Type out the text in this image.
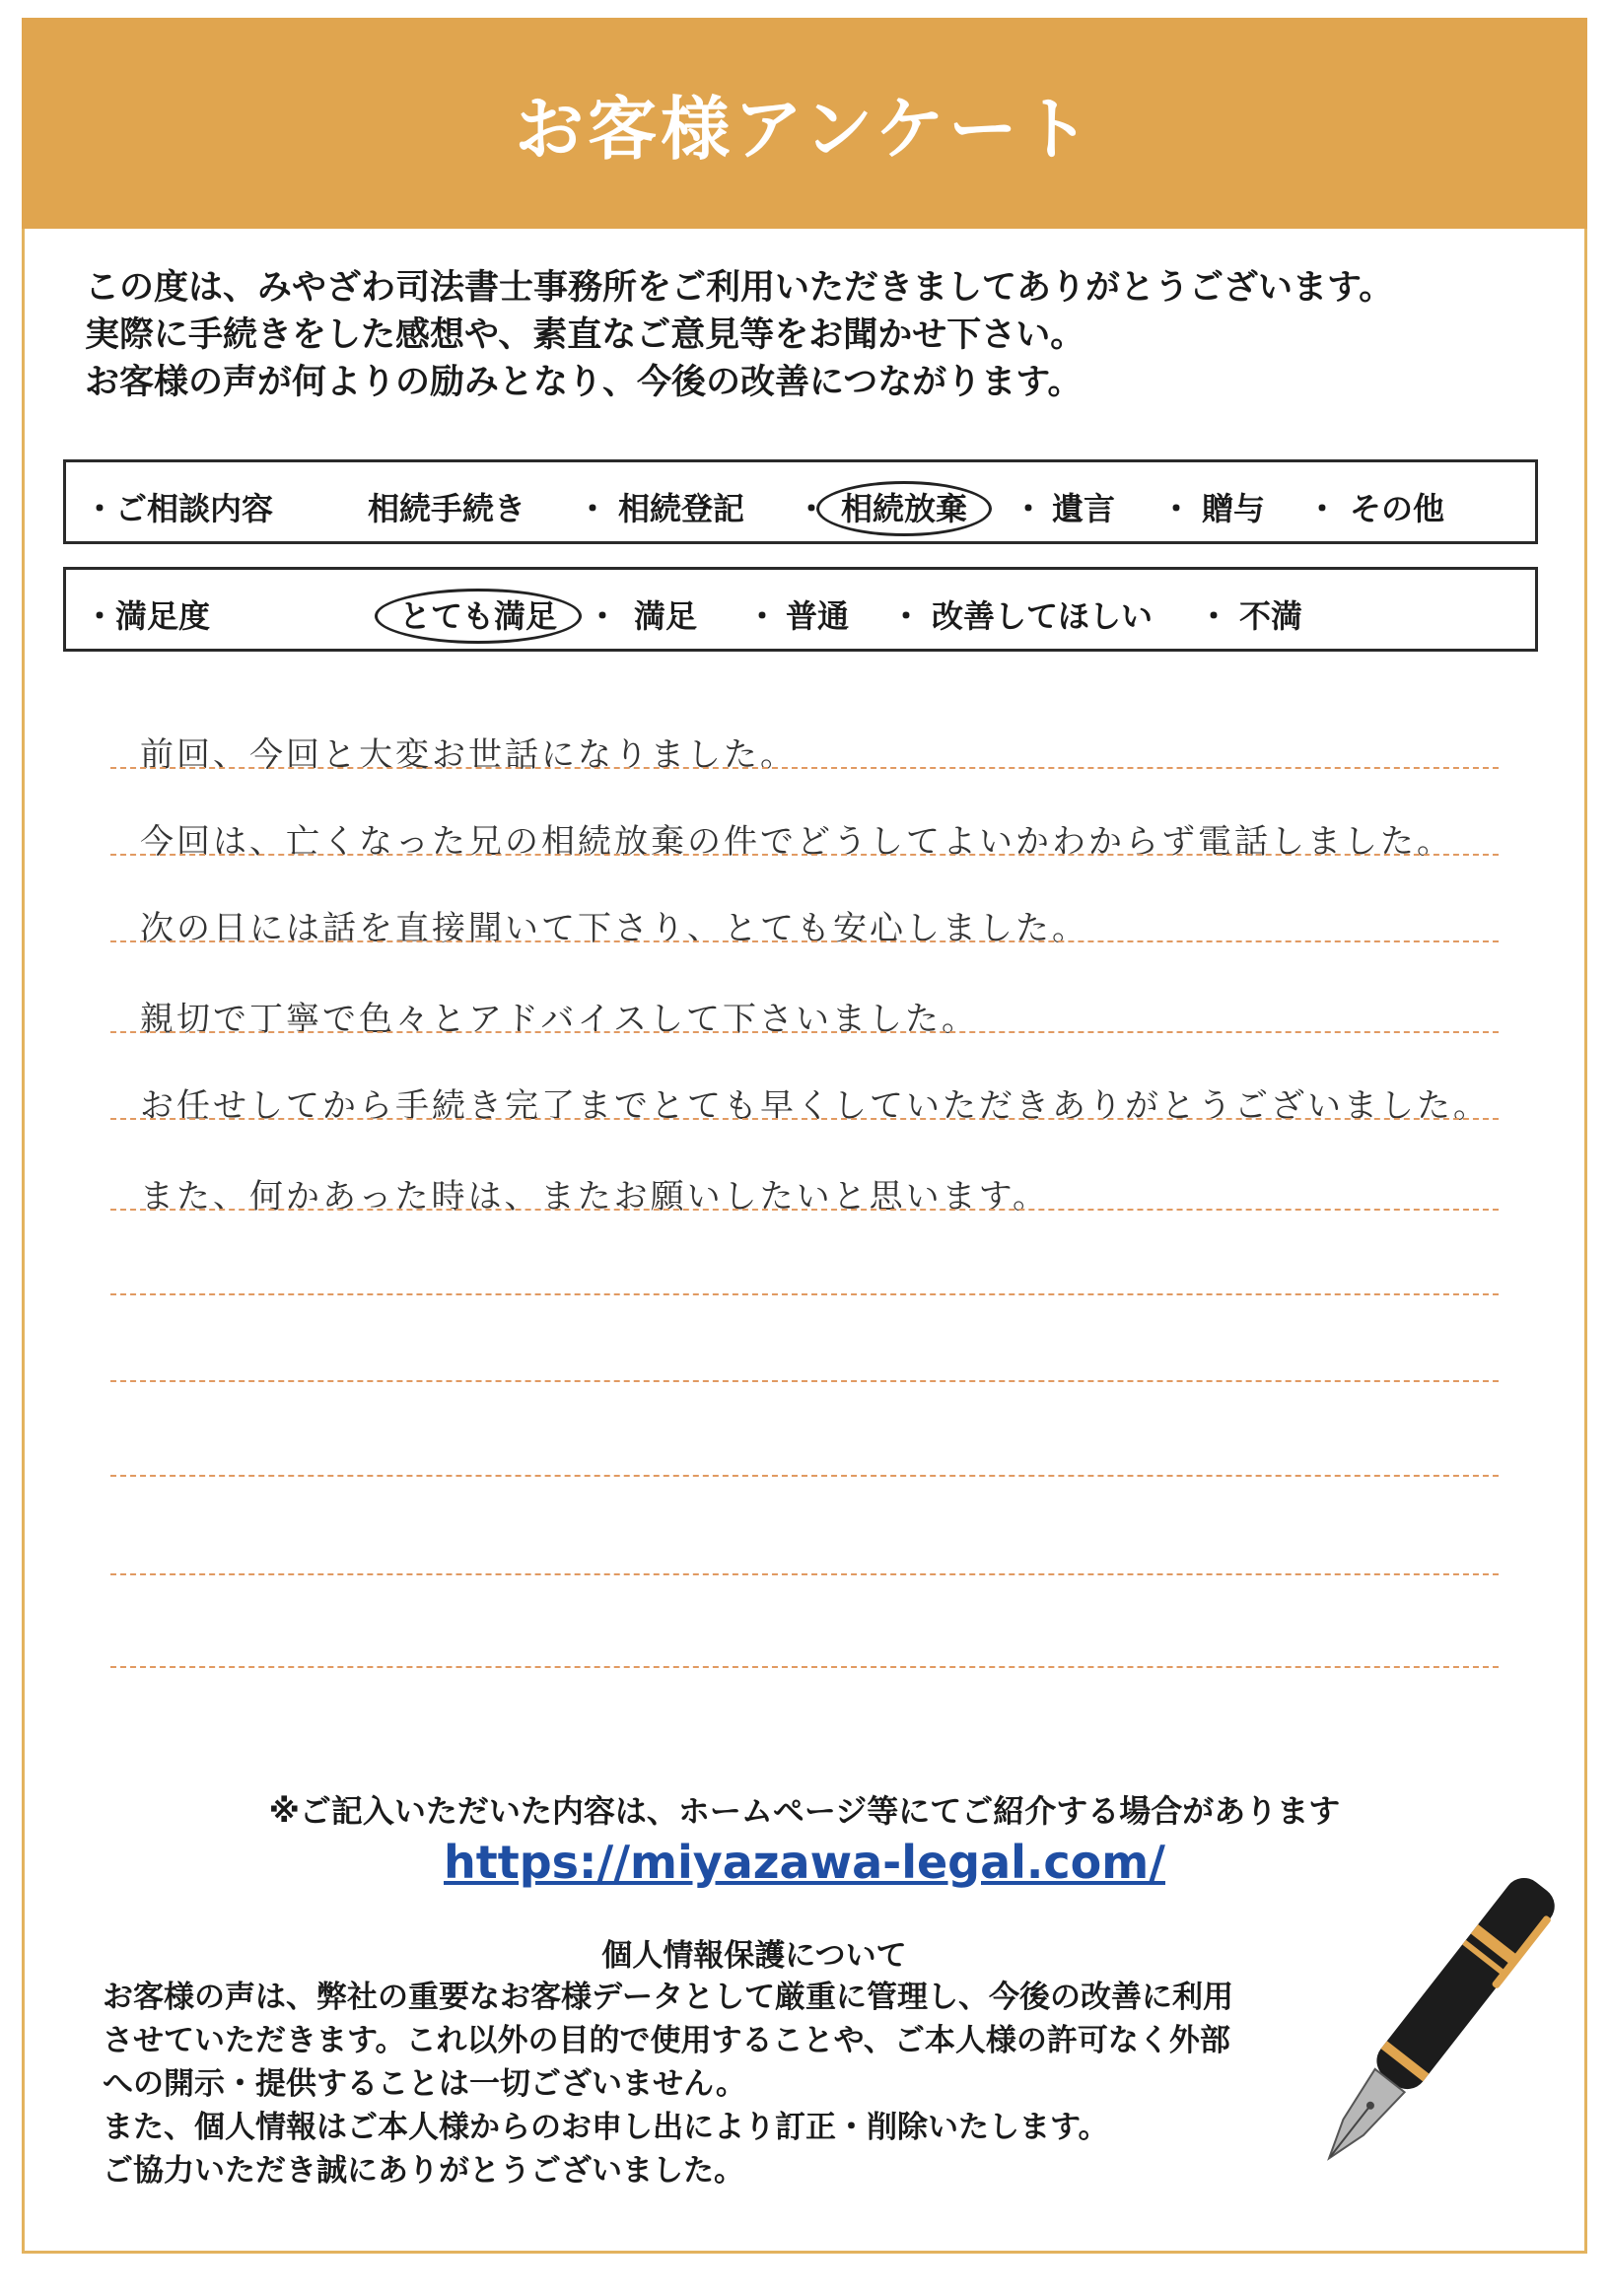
お客様アンケート
この度は、みやざわ司法書士事務所をご利用いただきましてありがとうございます。
実際に手続きをした感想や、素直なご意見等をお聞かせ下さい。
お客様の声が何よりの励みとなり、今後の改善につながります。
・ご相談内容	相続手続き ・ 相続登記 ・ 相続放棄 ・ 遺言 ・ 贈与 ・ その他
・満足度	とても満足 ・ 満足 ・ 普通 ・ 改善してほしい ・ 不満
前回、今回と大変お世話になりました。
今回は、亡くなった兄の相続放棄の件でどうしてよいかわからず電話しました。
次の日には話を直接聞いて下さり、とても安心しました。
親切で丁寧で色々とアドバイスして下さいました。
お任せしてから手続き完了までとても早くしていただきありがとうございました。
また、何かあった時は、またお願いしたいと思います。
※ご記入いただいた内容は、ホームページ等にてご紹介する場合があります
https://miyazawa-legal.com/
個人情報保護について
お客様の声は、弊社の重要なお客様データとして厳重に管理し、今後の改善に利用
させていただきます。これ以外の目的で使用することや、ご本人様の許可なく外部
への開示・提供することは一切ございません。
また、個人情報はご本人様からのお申し出により訂正・削除いたします。
ご協力いただき誠にありがとうございました。
